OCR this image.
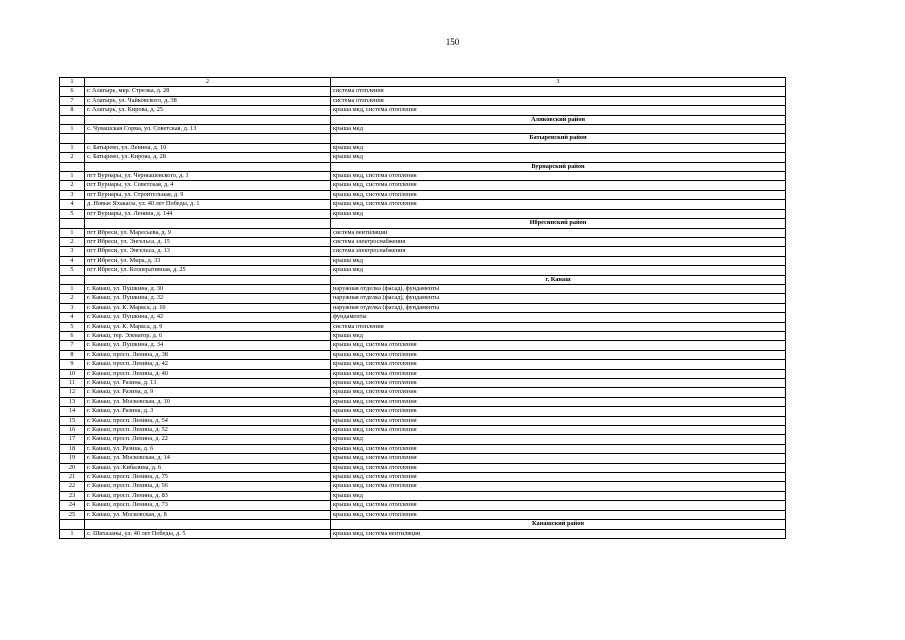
150
1	2	3
6	г. Алатырь, мкр. Стрелка, д. 28	система отопления
7	г. Алатырь, ул. Чайковского, д. 38	система отопления
8	г. Алатырь, ул. Кирова, д. 25	крыша мкд, система отопления
		Аликовский район
1	с. Чувашская Сорма, ул. Советская, д. 13	крыша мкд
		Батыревский район
1	с. Батырево, ул. Ленина, д. 10	крыша мкд
2	с. Батырево, ул. Кирова, д. 28	крыша мкд
		Вурнарский район
1	пгт Вурнары, ул. Чернышевского, д. 1	крыша мкд, система отопления
2	пгт Вурнары, ул. Советская, д. 4	крыша мкд, система отопления
3	пгт Вурнары, ул. Строительная, д. 9	крыша мкд, система отопления
4	д. Новые Яхакасы, ул. 40 лет Победы, д. 1	крыша мкд, система отопления
5	пгт Вурнары, ул. Ленина, д. 144	крыша мкд
		Ибресинский район
1	пгт Ибреси, ул. Маресьева, д. 9	система вентиляции
2	пгт Ибреси, ул. Энгельса, д. 15	система электроснабжения
3	пгт Ибреси, ул. Энгельса, д. 13	система электроснабжения
4	пгт Ибреси, ул. Мира, д. 33	крыша мкд
5	пгт Ибреси, ул. Кооперативная, д. 25	крыша мкд
		г. Канаш
1	г. Канаш, ул. Пушкина, д. 30	наружная отделка (фасад), фундаменты
2	г. Канаш, ул. Пушкина, д. 32	наружная отделка (фасад), фундаменты
3	г. Канаш, ул. К. Маркса, д. 10	наружная отделка (фасад), фундаменты
4	г. Канаш, ул. Пушкина, д. 42	фундаменты
5	г. Канаш, ул. К. Маркса, д. 9	система отопления
6	г. Канаш, тер. Элеватор, д. 6	крыша мкд
7	г. Канаш, ул. Пушкина, д. 34	крыша мкд, система отопления
8	г. Канаш, просп. Ленина, д. 38	крыша мкд, система отопления
9	г. Канаш, просп. Ленина, д. 42	крыша мкд, система отопления
10	г. Канаш, просп. Ленина, д. 40	крыша мкд, система отопления
11	г. Канаш, ул. Разина, д. 13	крыша мкд, система отопления
12	г. Канаш, ул. Разина, д. 9	крыша мкд, система отопления
13	г. Канаш, ул. Московская, д. 10	крыша мкд, система отопления
14	г. Канаш, ул. Разина, д. 3	крыша мкд, система отопления
15	г. Канаш, просп. Ленина, д. 54	крыша мкд, система отопления
16	г. Канаш, просп. Ленина, д. 52	крыша мкд, система отопления
17	г. Канаш, просп. Ленина, д. 22	крыша мкд
18	г. Канаш, ул. Разина, д. 6	крыша мкд, система отопления
19	г. Канаш, ул. Московская, д. 14	крыша мкд, система отопления
20	г. Канаш, ул. Кибалина, д. 6	крыша мкд, система отопления
21	г. Канаш, просп. Ленина, д. 75	крыша мкд, система отопления
22	г. Канаш, просп. Ленина, д. 56	крыша мкд, система отопления
23	г. Канаш, просп. Ленина, д. 83	крыша мкд
24	г. Канаш, просп. Ленина, д. 73	крыша мкд, система отопления
25	г. Канаш, ул. Московская, д. 8	крыша мкд, система отопления
		Канашский район
1	с. Шихазаны, ул. 40 лет Победы, д. 5	крыша мкд, система вентиляции
